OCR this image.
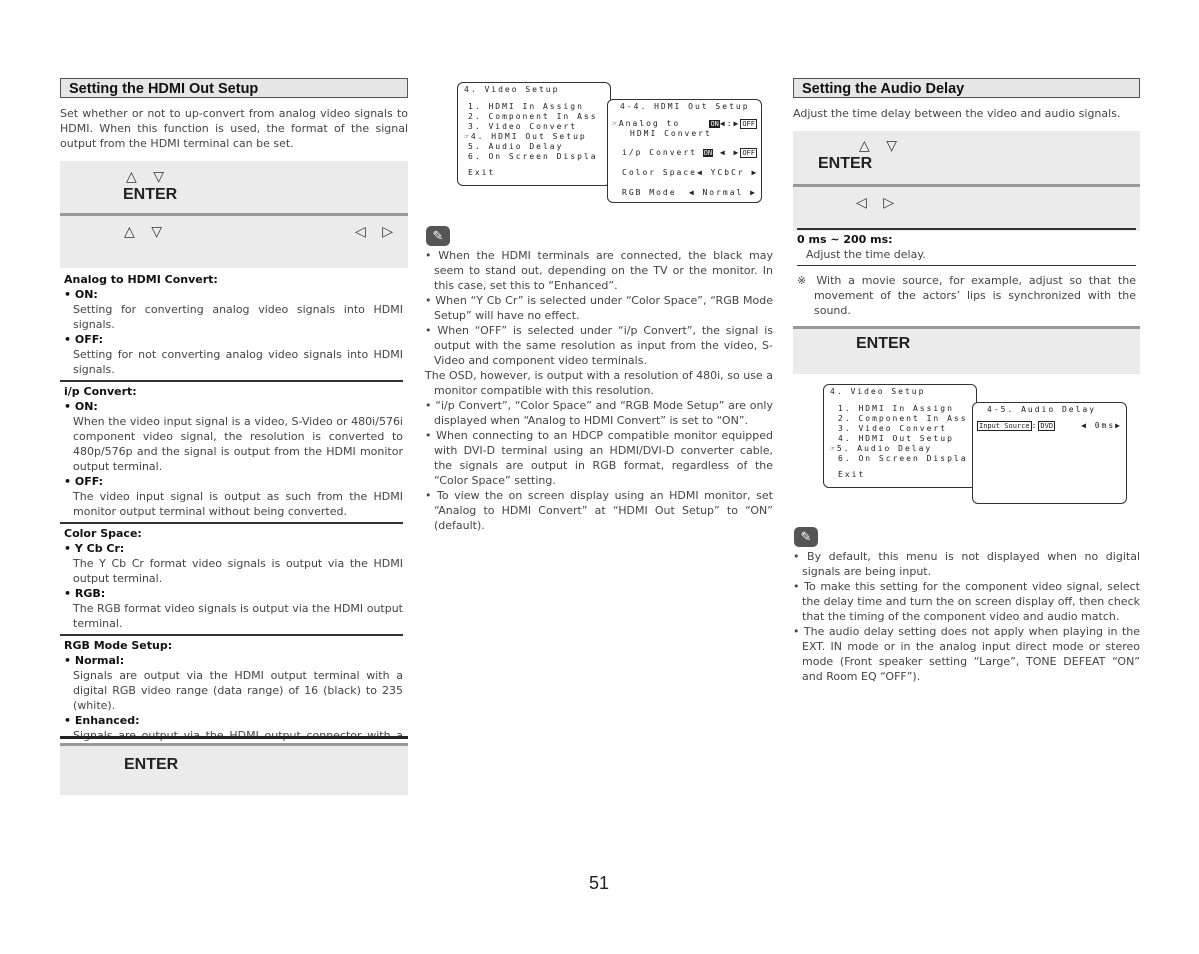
Setting the HDMI Out Setup
Set whether or not to up-convert from analog video signals to HDMI. When this function is used, the format of the signal output from the HDMI terminal can be set.
△ ▽
ENTER
△ ▽	◁ ▷
Analog to HDMI Convert:
• ON:
Setting for converting analog video signals into HDMI signals.
• OFF:
Setting for not converting analog video signals into HDMI signals.
i/p Convert:
• ON:
When the video input signal is a video, S-Video or 480i/576i component video signal, the resolution is converted to 480p/576p and the signal is output from the HDMI monitor output terminal.
• OFF:
The video input signal is output as such from the HDMI monitor output terminal without being converted.
Color Space:
• Y Cb Cr:
The Y Cb Cr format video signals is output via the HDMI output terminal.
• RGB:
The RGB format video signals is output via the HDMI output terminal.
RGB Mode Setup:
• Normal:
Signals are output via the HDMI output terminal with a digital RGB video range (data range) of 16 (black) to 235 (white).
• Enhanced:
Signals are output via the HDMI output connector with a
ENTER
4. Video Setup
1. HDMI In Assign
2. Component In Ass
3. Video Convert
☞4. HDMI Out Setup
5. Audio Delay
6. On Screen Displa
Exit
4-4. HDMI Out Setup
☞Analog to	ON◀:▶ OFF
HDMI Convert
i/p Convert ON ◀ ▶ OFF
Color Space ◀ YCbCr ▶
RGB Mode ◀ Normal ▶
✎
• When the HDMI terminals are connected, the black may seem to stand out, depending on the TV or the monitor. In this case, set this to “Enhanced”.
• When “Y Cb Cr” is selected under “Color Space”, “RGB Mode Setup” will have no effect.
• When “OFF” is selected under “i/p Convert”, the signal is output with the same resolution as input from the video, S-Video and component video terminals.
The OSD, however, is output with a resolution of 480i, so use a monitor compatible with this resolution.
• “i/p Convert”, “Color Space” and “RGB Mode Setup” are only displayed when “Analog to HDMI Convert” is set to “ON”.
• When connecting to an HDCP compatible monitor equipped with DVI-D terminal using an HDMI/DVI-D converter cable, the signals are output in RGB format, regardless of the “Color Space” setting.
• To view the on screen display using an HDMI monitor, set “Analog to HDMI Convert” at “HDMI Out Setup” to “ON” (default).
Setting the Audio Delay
Adjust the time delay between the video and audio signals.
△ ▽
ENTER
◁ ▷
0 ms ~ 200 ms:
Adjust the time delay.
※ With a movie source, for example, adjust so that the movement of the actors’ lips is synchronized with the sound.
ENTER
4. Video Setup
1. HDMI In Assign
2. Component In Ass
3. Video Convert
4. HDMI Out Setup
☞5. Audio Delay
6. On Screen Displa
Exit
4-5. Audio Delay
Input Source : DVD	◀ 0ms▶
✎
• By default, this menu is not displayed when no digital signals are being input.
• To make this setting for the component video signal, select the delay time and turn the on screen display off, then check that the timing of the component video and audio match.
• The audio delay setting does not apply when playing in the EXT. IN mode or in the analog input direct mode or stereo mode (Front speaker setting “Large”, TONE DEFEAT “ON” and Room EQ “OFF”).
51
